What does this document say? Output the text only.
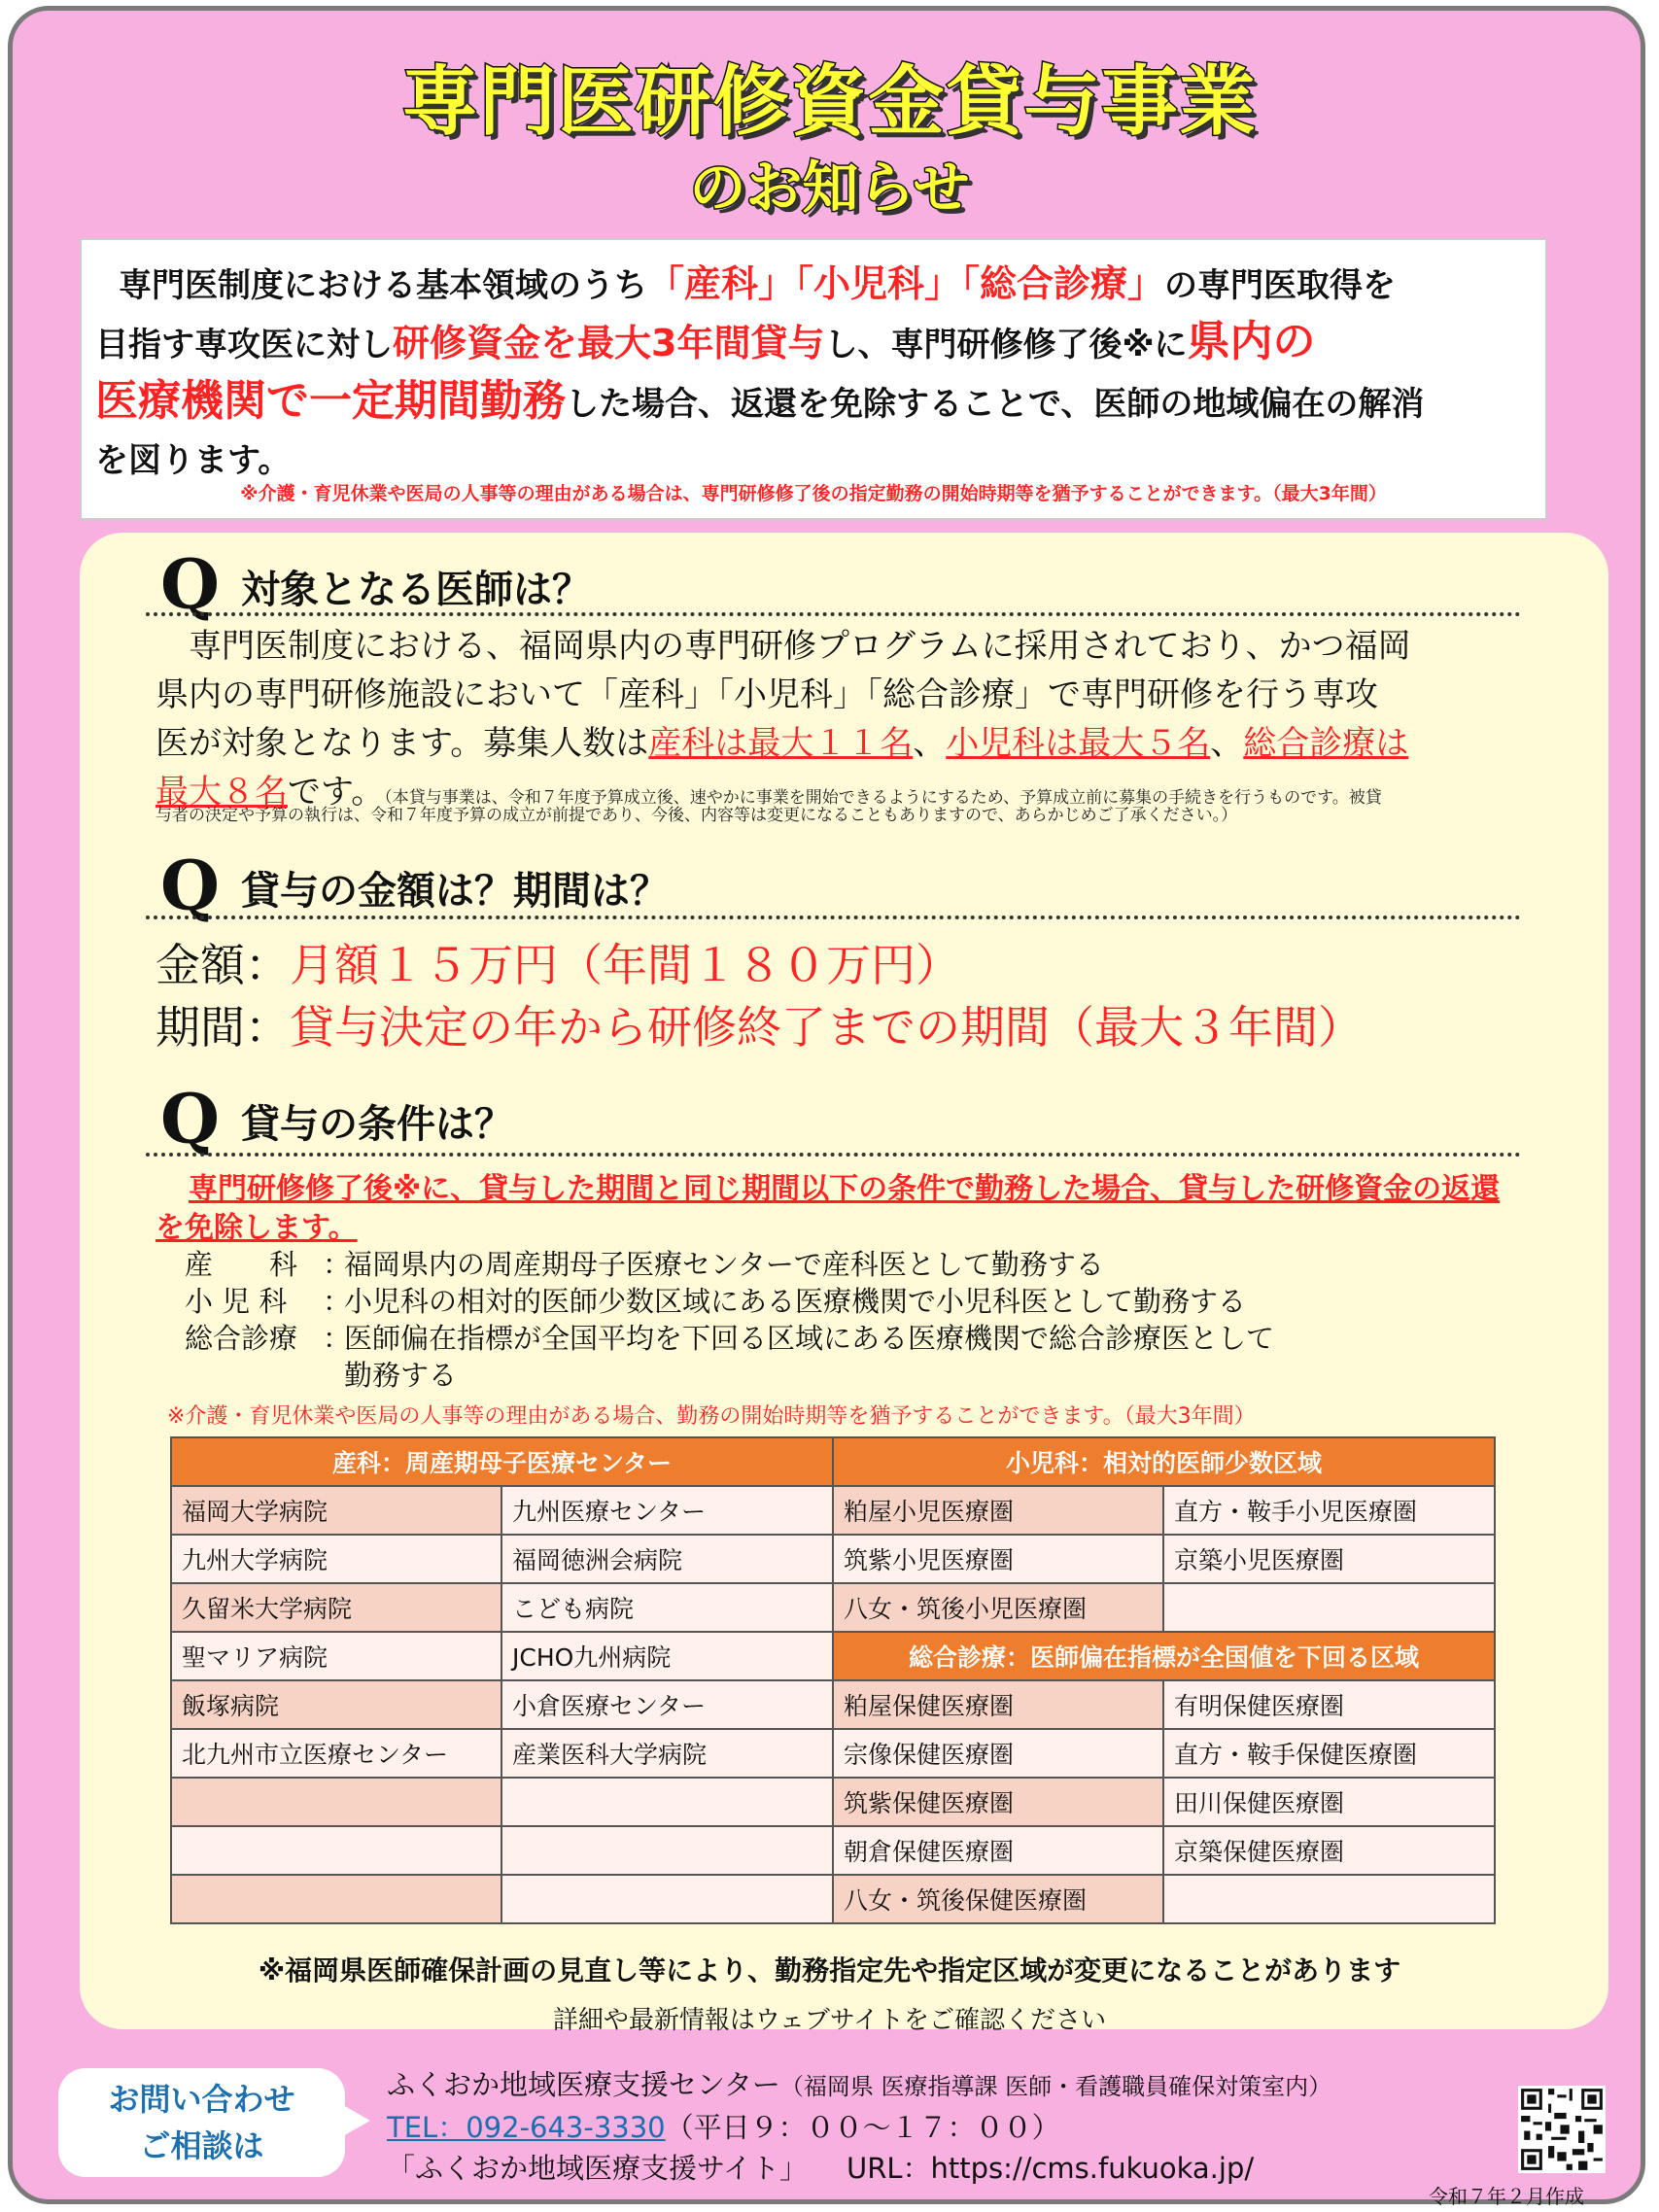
専門医研修資金貸与事業
のお知らせ
専門医制度における基本領域のうち「産科」「小児科」「総合診療」の専門医取得を
目指す専攻医に対し研修資金を最大3年間貸与し、専門研修修了後※に県内の
医療機関で一定期間勤務した場合、返還を免除することで、医師の地域偏在の解消
を図ります。
※介護・育児休業や医局の人事等の理由がある場合は、専門研修修了後の指定勤務の開始時期等を猶予することができます。（最大3年間）
Q対象となる医師は？
専門医制度における、福岡県内の専門研修プログラムに採用されており、かつ福岡
県内の専門研修施設において「産科」「小児科」「総合診療」で専門研修を行う専攻
医が対象となります。募集人数は産科は最大１１名、小児科は最大５名、総合診療は
最大８名です。（本貸与事業は、令和７年度予算成立後、速やかに事業を開始できるようにするため、予算成立前に募集の手続きを行うものです。被貸

与者の決定や予算の執行は、令和７年度予算の成立が前提であり、今後、内容等は変更になることもありますので、あらかじめご了承ください。）
Q貸与の金額は？期間は？
金額：月額１５万円（年間１８０万円）
期間：貸与決定の年から研修終了までの期間（最大３年間）
Q貸与の条件は？
専門研修修了後※に、貸与した期間と同じ期間以下の条件で勤務した場合、貸与した研修資金の返還を免除します。
産　　科 ：
福岡県内の周産期母子医療センターで産科医として勤務する
小 児 科	：
小児科の相対的医師少数区域にある医療機関で小児科医として勤務する
総合診療 ：
医師偏在指標が全国平均を下回る区域にある医療機関で総合診療医として
勤務する
※介護・育児休業や医局の人事等の理由がある場合、勤務の開始時期等を猶予することができます。（最大3年間）
産科：周産期母子医療センター		小児科：相対的医師少数区域	
福岡大学病院	九州医療センター	粕屋小児医療圏	直方・鞍手小児医療圏
九州大学病院	福岡徳洲会病院	筑紫小児医療圏	京築小児医療圏
久留米大学病院	こども病院	八女・筑後小児医療圏	
聖マリア病院	JCHO九州病院	総合診療：医師偏在指標が全国値を下回る区域	
飯塚病院	小倉医療センター	粕屋保健医療圏	有明保健医療圏
北九州市立医療センター	産業医科大学病院	宗像保健医療圏	直方・鞍手保健医療圏
		筑紫保健医療圏	田川保健医療圏
		朝倉保健医療圏	京築保健医療圏
		八女・筑後保健医療圏	
※福岡県医師確保計画の見直し等により、勤務指定先や指定区域が変更になることがあります
詳細や最新情報はウェブサイトをご確認ください
お問い合わせ
ご相談は
ふくおか地域医療支援センター（福岡県 医療指導課 医師・看護職員確保対策室内）
TEL：092-643-3330（平日９：００～１７：００）
「ふくおか地域医療支援サイト」 URL：https://cms.fukuoka.jp/
令和７年２月作成
